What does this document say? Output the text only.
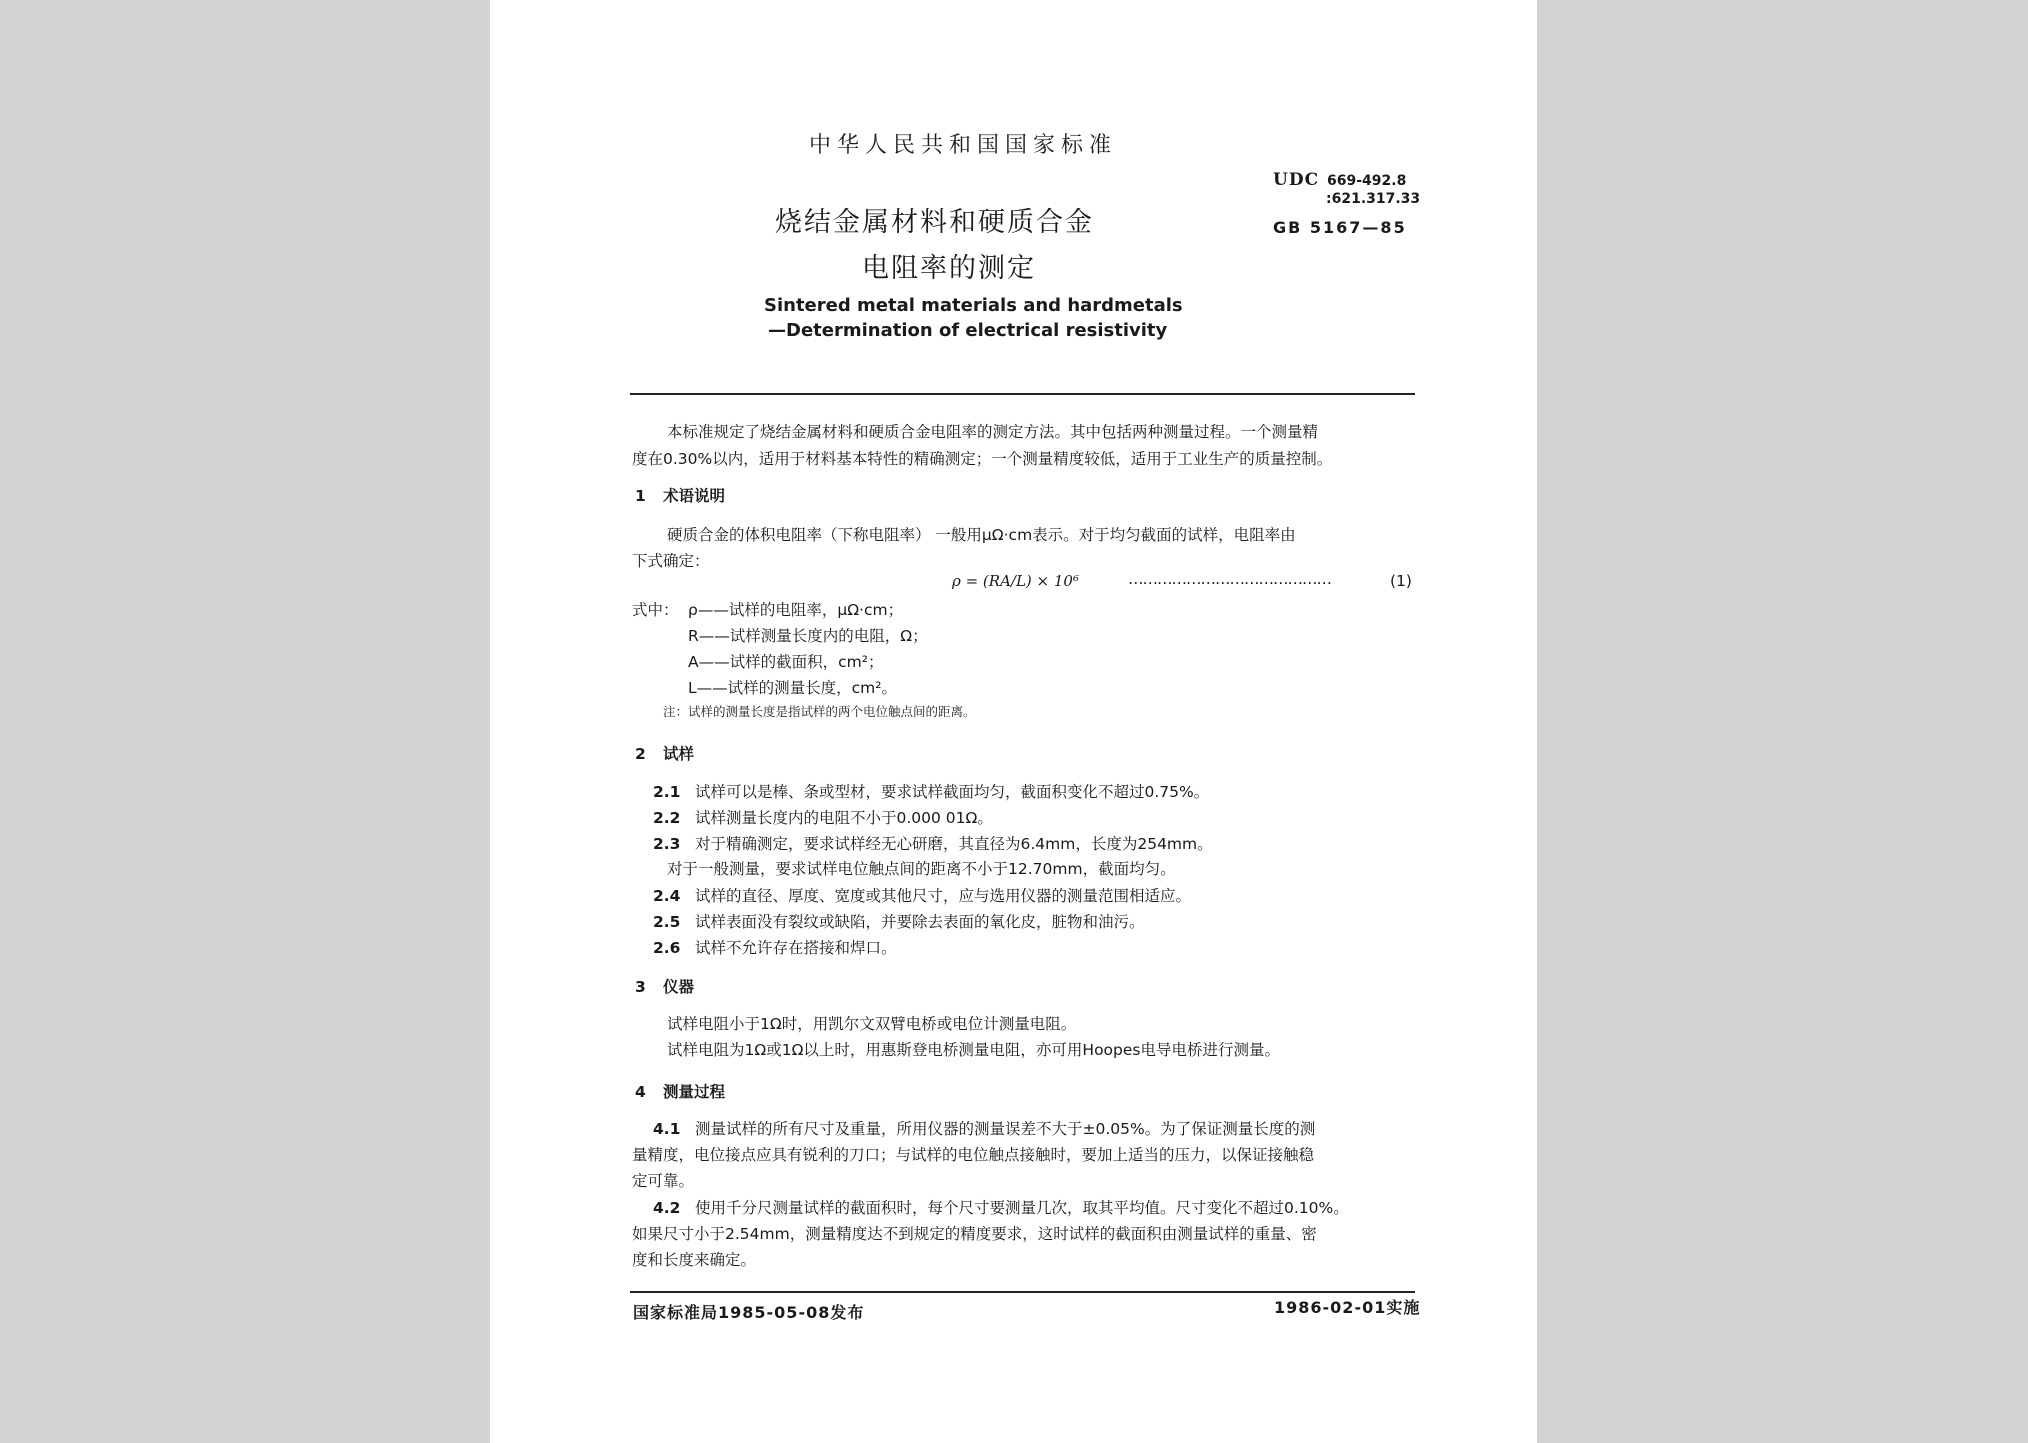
中华人民共和国国家标准
UDC 669-492.8
:621.317.33
GB 5167—85
烧结金属材料和硬质合金
电阻率的测定
Sintered metal materials and hardmetals
—Determination of electrical resistivity
本标准规定了烧结金属材料和硬质合金电阻率的测定方法。其中包括两种测量过程。一个测量精
度在0.30%以内，适用于材料基本特性的精确测定；一个测量精度较低，适用于工业生产的质量控制。
1 术语说明
硬质合金的体积电阻率（下称电阻率） 一般用μΩ·cm表示。对于均匀截面的试样，电阻率由
下式确定：
ρ = (RA/L) × 10⁶	……………………………………	(1)
式中： ρ——试样的电阻率，μΩ·cm；
R——试样测量长度内的电阻，Ω；
A——试样的截面积，cm²；
L——试样的测量长度，cm²。
注：试样的测量长度是指试样的两个电位触点间的距离。
2 试样
2.1 试样可以是棒、条或型材，要求试样截面均匀，截面积变化不超过0.75%。
2.2 试样测量长度内的电阻不小于0.000 01Ω。
2.3 对于精确测定，要求试样经无心研磨，其直径为6.4mm，长度为254mm。
对于一般测量，要求试样电位触点间的距离不小于12.70mm，截面均匀。
2.4 试样的直径、厚度、宽度或其他尺寸，应与选用仪器的测量范围相适应。
2.5 试样表面没有裂纹或缺陷，并要除去表面的氧化皮，脏物和油污。
2.6 试样不允许存在搭接和焊口。
3 仪器
试样电阻小于1Ω时，用凯尔文双臂电桥或电位计测量电阻。
试样电阻为1Ω或1Ω以上时，用惠斯登电桥测量电阻，亦可用Hoopes电导电桥进行测量。
4 测量过程
4.1 测量试样的所有尺寸及重量，所用仪器的测量误差不大于±0.05%。为了保证测量长度的测
量精度，电位接点应具有锐利的刀口；与试样的电位触点接触时，要加上适当的压力，以保证接触稳
定可靠。
4.2 使用千分尺测量试样的截面积时，每个尺寸要测量几次，取其平均值。尺寸变化不超过0.10%。
如果尺寸小于2.54mm，测量精度达不到规定的精度要求，这时试样的截面积由测量试样的重量、密
度和长度来确定。
国家标准局1985-05-08发布	1986-02-01实施
